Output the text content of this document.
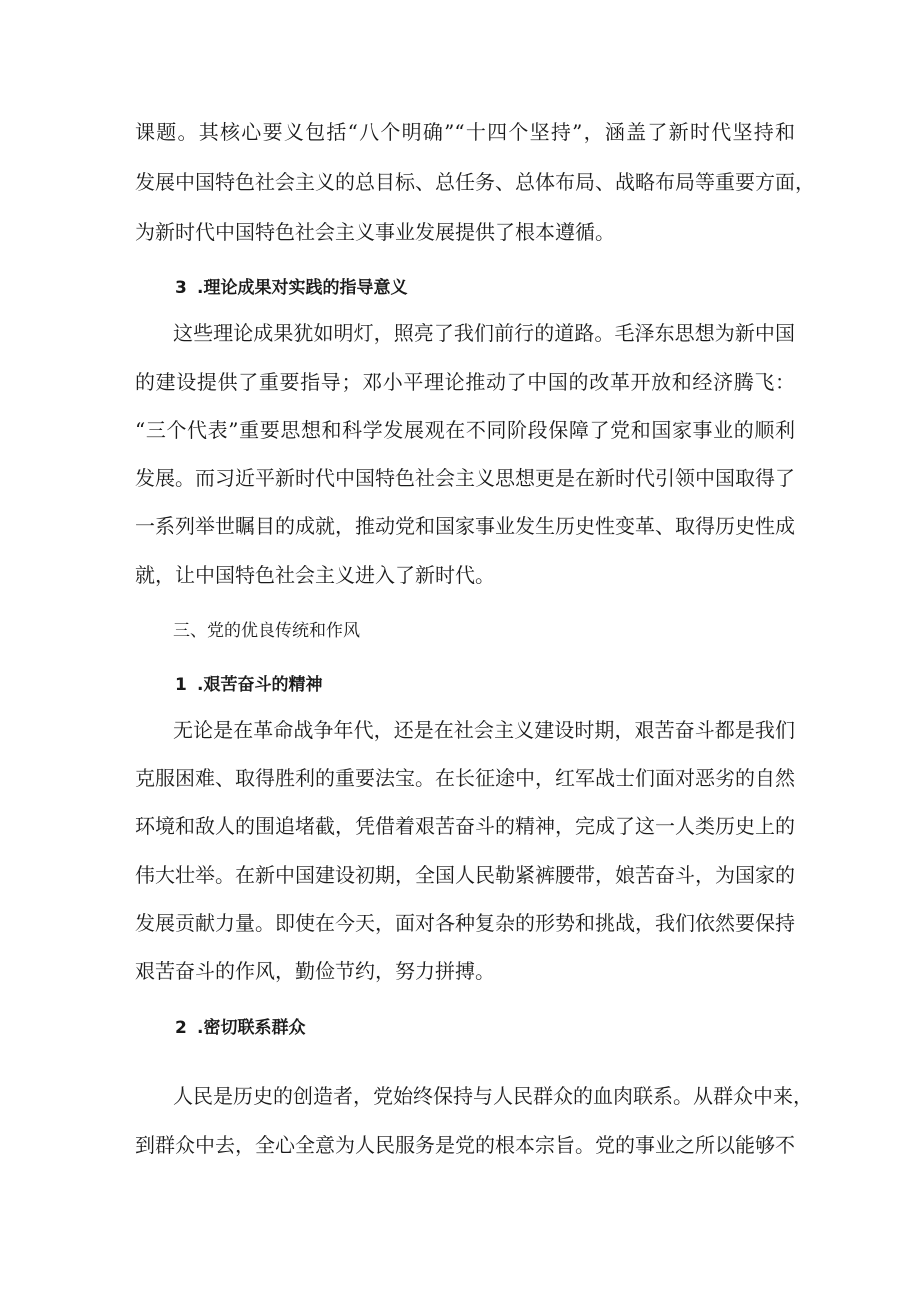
课题。其核心要义包括“八个明确”“十四个坚持”，涵盖了新时代坚持和

发展中国特色社会主义的总目标、总任务、总体布局、战略布局等重要方面，

为新时代中国特色社会主义事业发展提供了根本遵循。

3 .理论成果对实践的指导意义

这些理论成果犹如明灯，照亮了我们前行的道路。毛泽东思想为新中国

的建设提供了重要指导；邓小平理论推动了中国的改革开放和经济腾飞：

“三个代表”重要思想和科学发展观在不同阶段保障了党和国家事业的顺利

发展。而习近平新时代中国特色社会主义思想更是在新时代引领中国取得了

一系列举世瞩目的成就，推动党和国家事业发生历史性变革、取得历史性成

就，让中国特色社会主义进入了新时代。

三、党的优良传统和作风
1 .艰苦奋斗的精神

无论是在革命战争年代，还是在社会主义建设时期，艰苦奋斗都是我们

克服困难、取得胜利的重要法宝。在长征途中，红军战士们面对恶劣的自然

环境和敌人的围追堵截，凭借着艰苦奋斗的精神，完成了这一人类历史上的

伟大壮举。在新中国建设初期，全国人民勒紧裤腰带，娘苦奋斗，为国家的

发展贡献力量。即使在今天，面对各种复杂的形势和挑战，我们依然要保持

艰苦奋斗的作风，勤俭节约，努力拼搏。

2 .密切联系群众

人民是历史的创造者，党始终保持与人民群众的血肉联系。从群众中来，

到群众中去，全心全意为人民服务是党的根本宗旨。党的事业之所以能够不
